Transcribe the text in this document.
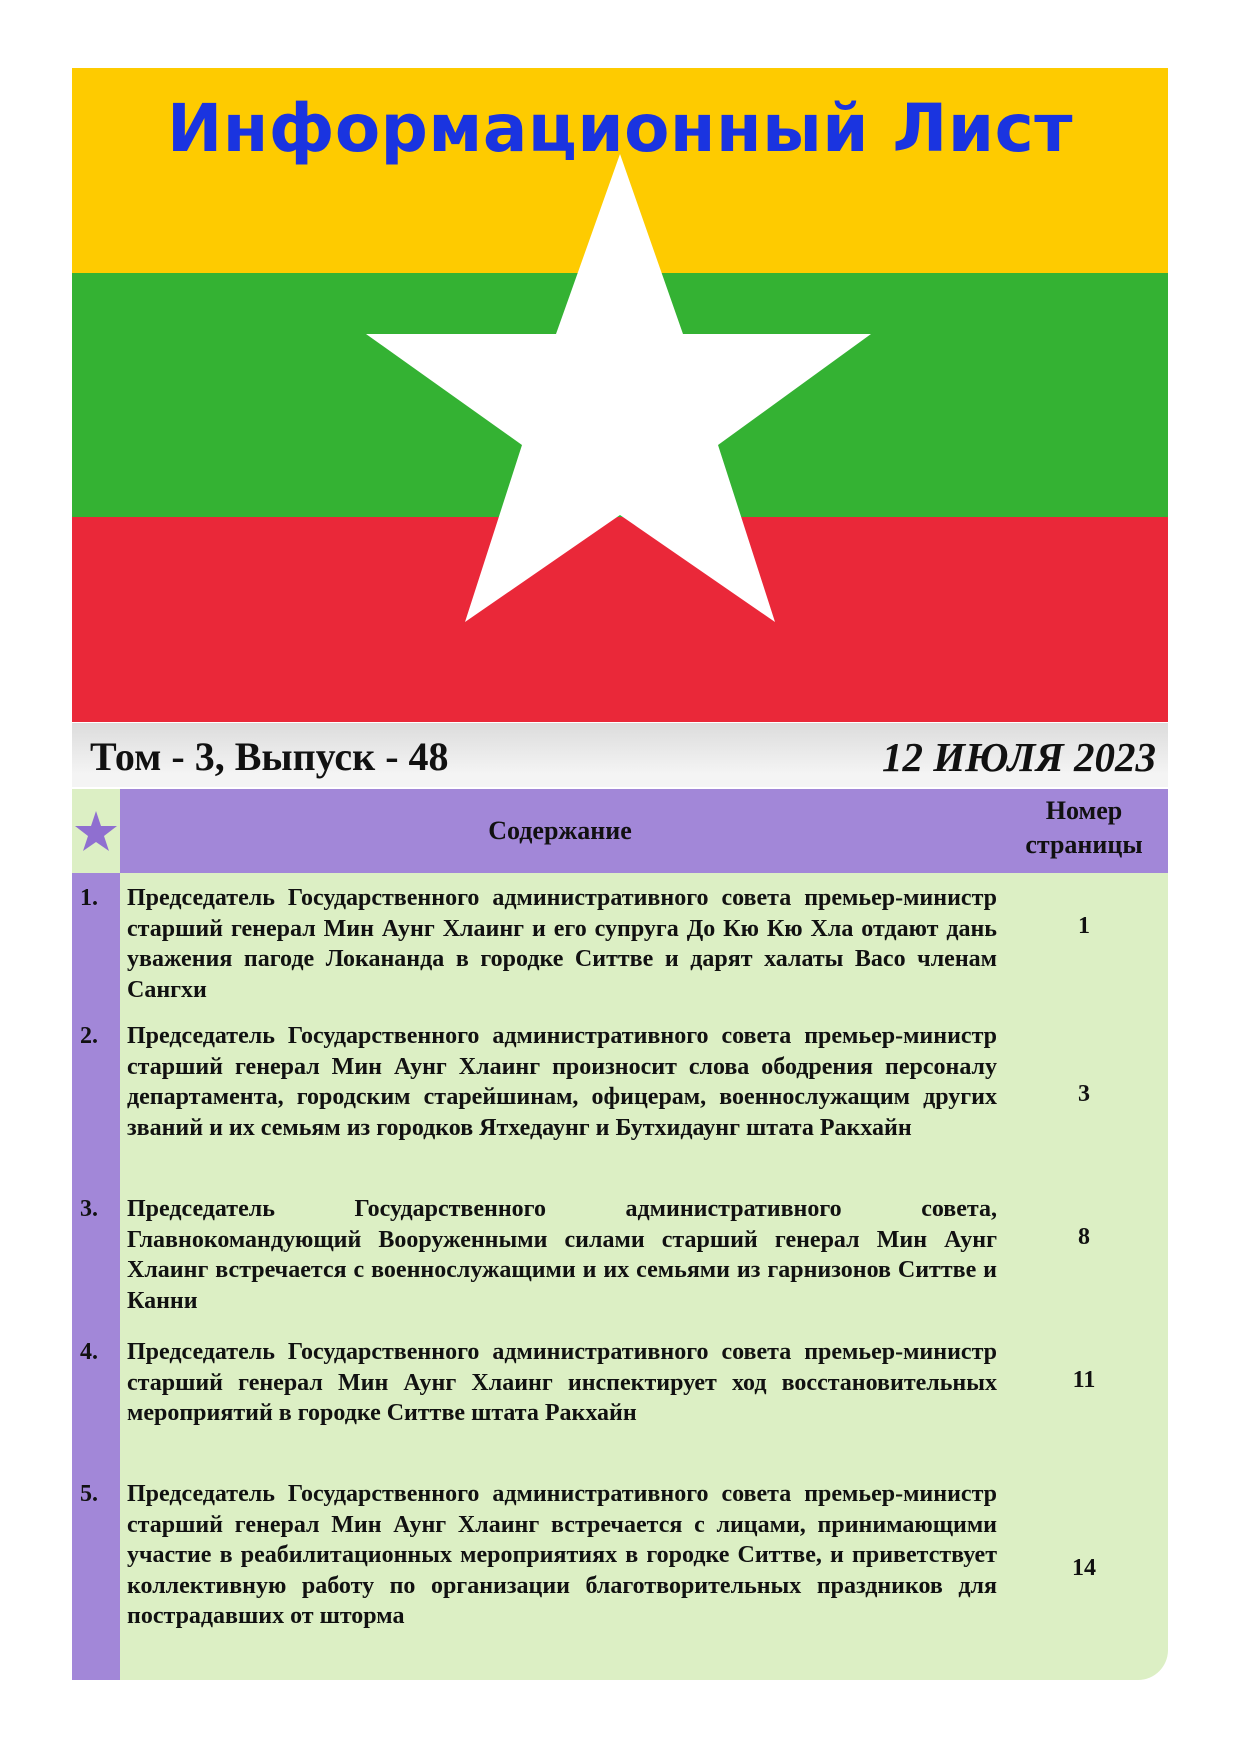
Информационный Лист
Том - 3, Выпуск - 48	12 ИЮЛЯ 2023
Содержание
Номер
страницы
1.	Председатель Государственного административного совета премьер-министр старший генерал Мин Аунг Хлаинг и его супруга До Кю Кю Хла отдают дань уважения пагоде Локананда в городке Ситтве и дарят халаты Васо членам Сангхи
1
2.	Председатель Государственного административного совета премьер-министр старший генерал Мин Аунг Хлаинг произносит слова ободрения персоналу департамента, городским старейшинам, офицерам, военнослужащим других званий и их семьям из городков Ятхедаунг и Бутхидаунг штата Ракхайн
3
3.	Председатель Государственного административного совета, Главнокомандующий Вооруженными силами старший генерал Мин Аунг Хлаинг встречается с военнослужащими и их семьями из гарнизонов Ситтве и Канни
8
4.	Председатель Государственного административного совета премьер-министр старший генерал Мин Аунг Хлаинг инспектирует ход восстановительных мероприятий в городке Ситтве штата Ракхайн
11
5.	Председатель Государственного административного совета премьер-министр старший генерал Мин Аунг Хлаинг встречается с лицами, принимающими участие в реабилитационных мероприятиях в городке Ситтве, и приветствует коллективную работу по организации благотворительных праздников для пострадавших от шторма
14
